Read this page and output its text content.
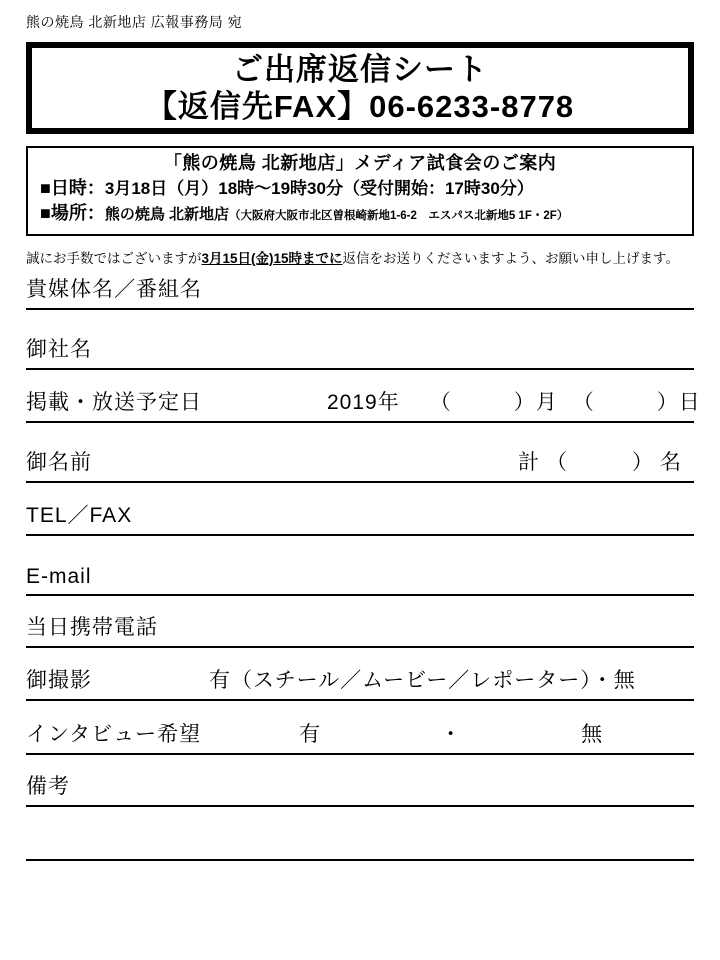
熊の焼鳥 北新地店 広報事務局 宛
ご出席返信シート
【返信先FAX】06-6233-8778
「熊の焼鳥 北新地店」メディア試食会のご案内
■日時：3月18日（月）18時～19時30分（受付開始：17時30分）
■場所：熊の焼鳥 北新地店（大阪府大阪市北区曽根崎新地1-6-2　エスパス北新地5 1F・2F）
誠にお手数ではございますが3月15日(金)15時までに返信をお送りくださいますよう、お願い申し上げます。
貴媒体名／番組名
御社名
掲載・放送予定日	2019年 （	）月 （	）日
御名前	計 （	） 名
TEL／FAX
E-mail
当日携帯電話
御撮影	有（スチール／ムービー／レポーター）・無
インタビュー希望	有	・	無
備考
